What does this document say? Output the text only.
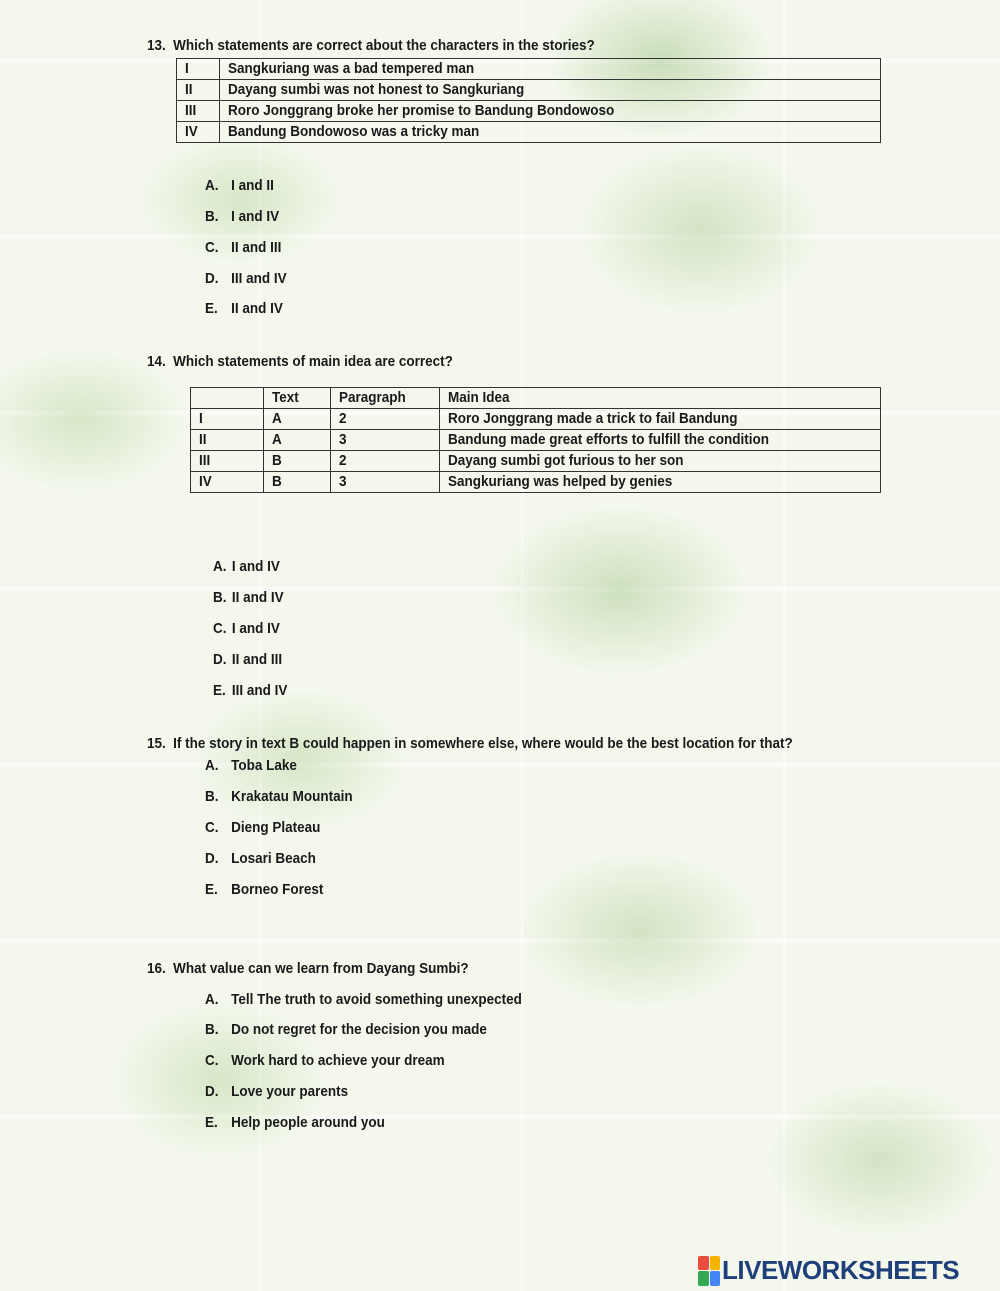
13. Which statements are correct about the characters in the stories?
I	Sangkuriang was a bad tempered man
II	Dayang sumbi was not honest to Sangkuriang
III	Roro Jonggrang broke her promise to Bandung Bondowoso
IV	Bandung Bondowoso was a tricky man
A. I and II
B. I and IV
C. II and III
D. III and IV
E. II and IV
14. Which statements of main idea are correct?
	Text	Paragraph	Main Idea
I	A	2	Roro Jonggrang made a trick to fail Bandung
II	A	3	Bandung made great efforts to fulfill the condition
III	B	2	Dayang sumbi got furious to her son
IV	B	3	Sangkuriang was helped by genies
A. I and IV
B. II and IV
C. I and IV
D. II and III
E. III and IV
15. If the story in text B could happen in somewhere else, where would be the best location for that?
A. Toba Lake
B. Krakatau Mountain
C. Dieng Plateau
D. Losari Beach
E. Borneo Forest
16. What value can we learn from Dayang Sumbi?
A. Tell The truth to avoid something unexpected
B. Do not regret for the decision you made
C. Work hard to achieve your dream
D. Love your parents
E. Help people around you
LIVEWORKSHEETS
